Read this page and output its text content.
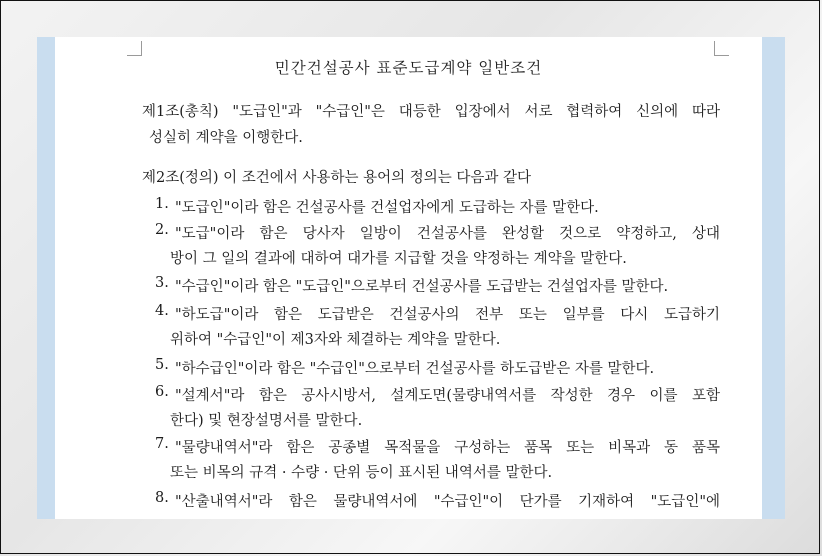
민간건설공사 표준도급계약 일반조건
제1조(총칙) "도급인"과 "수급인"은 대등한 입장에서 서로 협력하여 신의에 따라
성실히 계약을 이행한다.
제2조(정의) 이 조건에서 사용하는 용어의 정의는 다음과 같다
1. "도급인"이라 함은 건설공사를 건설업자에게 도급하는 자를 말한다.
2. "도급"이라 함은 당사자 일방이 건설공사를 완성할 것으로 약정하고, 상대
방이 그 일의 결과에 대하여 대가를 지급할 것을 약정하는 계약을 말한다.
3. "수급인"이라 함은 "도급인"으로부터 건설공사를 도급받는 건설업자를 말한다.
4. "하도급"이라 함은 도급받은 건설공사의 전부 또는 일부를 다시 도급하기
위하여 "수급인"이 제3자와 체결하는 계약을 말한다.
5. "하수급인"이라 함은 "수급인"으로부터 건설공사를 하도급받은 자를 말한다.
6. "설계서"라 함은 공사시방서, 설계도면(물량내역서를 작성한 경우 이를 포함
한다) 및 현장설명서를 말한다.
7. "물량내역서"라 함은 공종별 목적물을 구성하는 품목 또는 비목과 동 품목
또는 비목의 규격 · 수량 · 단위 등이 표시된 내역서를 말한다.
8. "산출내역서"라 함은 물량내역서에 "수급인"이 단가를 기재하여 "도급인"에
